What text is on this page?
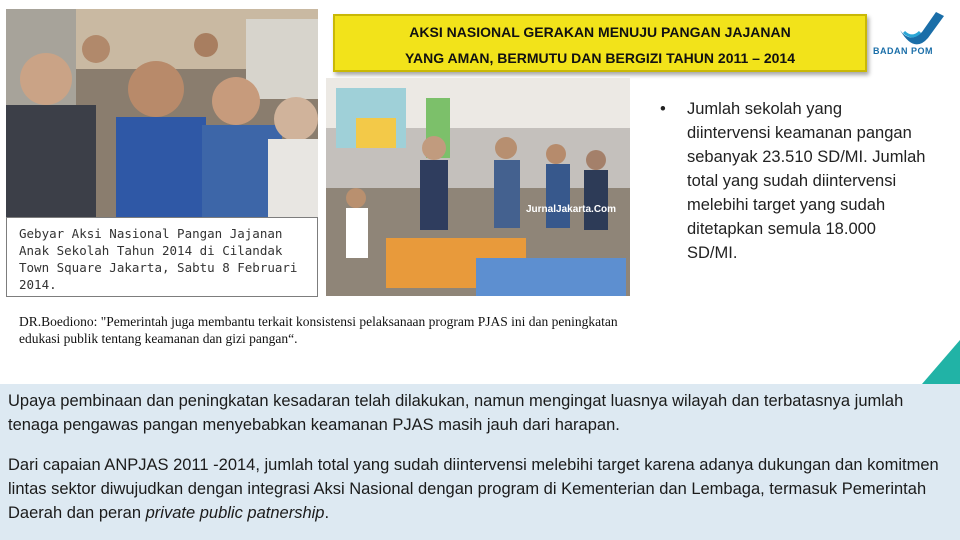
AKSI NASIONAL GERAKAN MENUJU PANGAN JAJANAN
YANG AMAN, BERMUTU DAN BERGIZI TAHUN 2011 – 2014	BADAN POM
JurnalJakarta.Com
Gebyar Aksi Nasional Pangan Jajanan Anak Sekolah Tahun 2014 di Cilandak Town Square Jakarta, Sabtu 8 Februari 2014.
• Jumlah sekolah yang diintervensi keamanan pangan sebanyak 23.510 SD/MI. Jumlah total yang sudah diintervensi melebihi target yang sudah ditetapkan semula 18.000 SD/MI.
DR.Boediono: "Pemerintah juga membantu terkait konsistensi pelaksanaan program PJAS ini dan peningkatan edukasi publik tentang keamanan dan gizi pangan“.

Upaya pembinaan dan peningkatan kesadaran telah dilakukan, namun mengingat luasnya wilayah dan terbatasnya jumlah tenaga pengawas pangan menyebabkan keamanan PJAS masih jauh dari harapan.

Dari capaian ANPJAS 2011 -2014, jumlah total yang sudah diintervensi melebihi target karena adanya dukungan dan komitmen lintas sektor diwujudkan dengan integrasi Aksi Nasional dengan program di Kementerian dan Lembaga, termasuk Pemerintah Daerah dan peran private public patnership.
